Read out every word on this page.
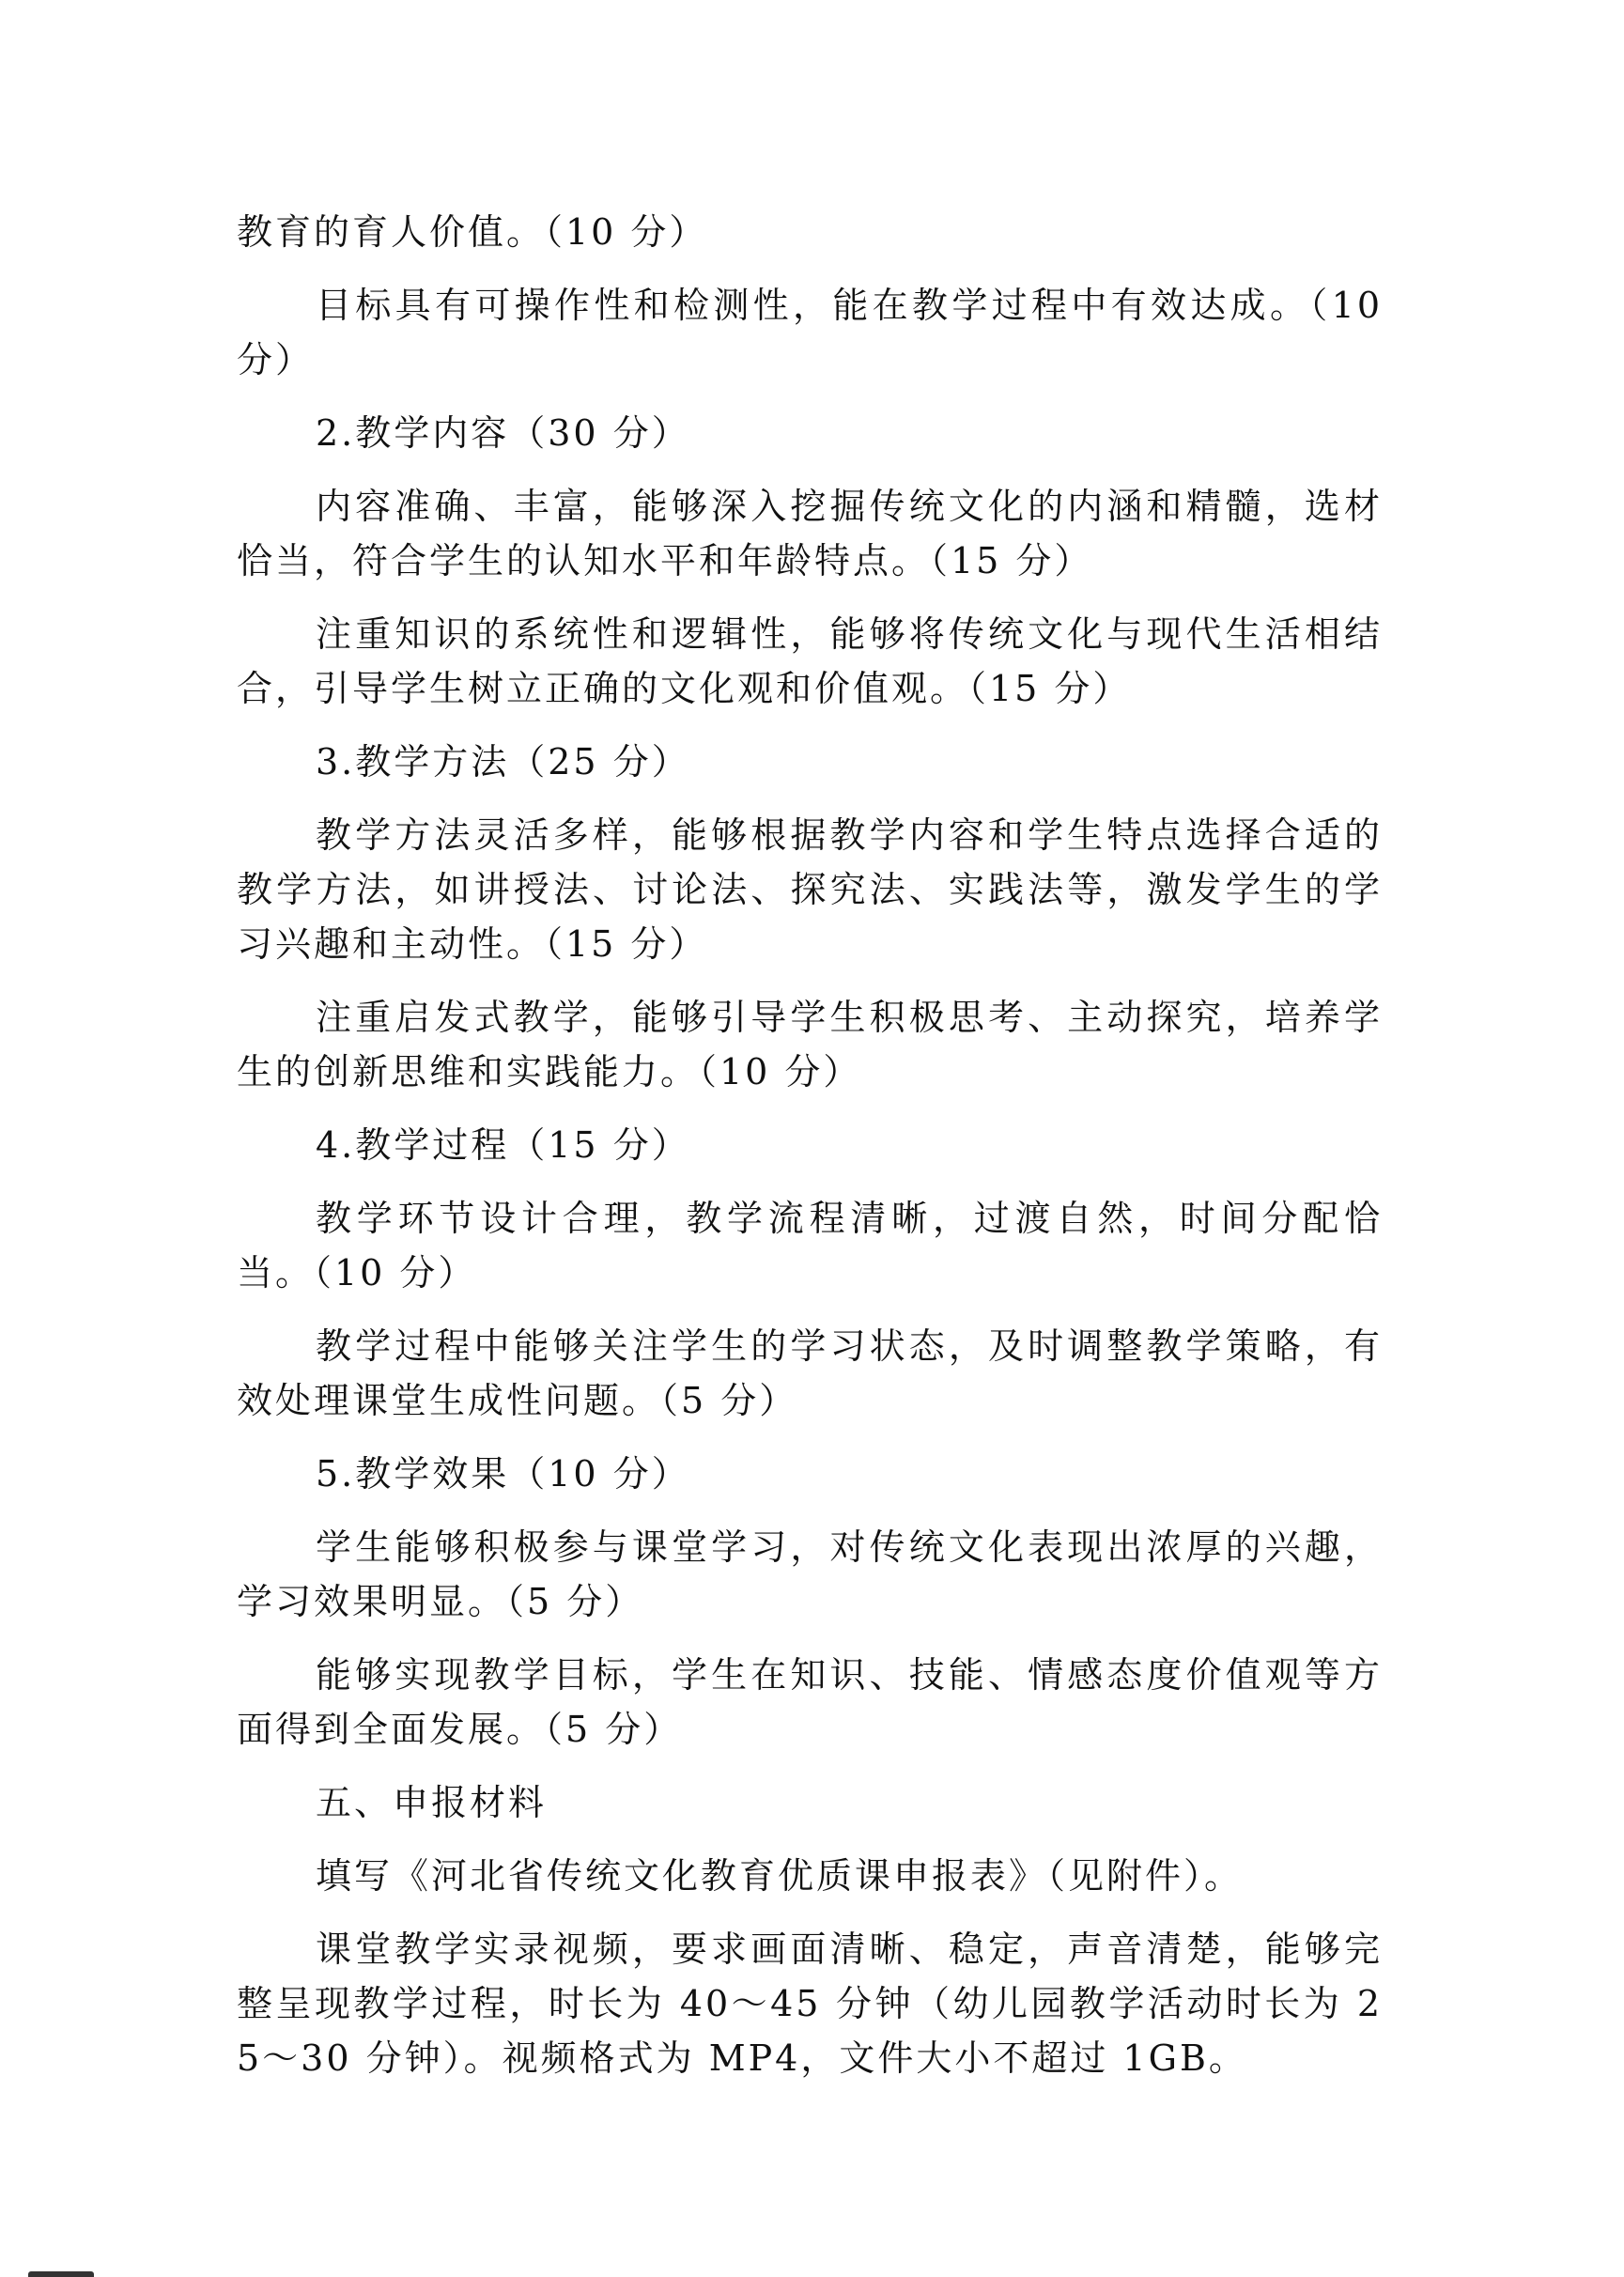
教育的育人价值。（10 分）

目标具有可操作性和检测性，能在教学过程中有效达成。（10 分）

2.教学内容（30 分）

内容准确、丰富，能够深入挖掘传统文化的内涵和精髓，选材恰当，符合学生的认知水平和年龄特点。（15 分）

注重知识的系统性和逻辑性，能够将传统文化与现代生活相结合，引导学生树立正确的文化观和价值观。（15 分）

3.教学方法（25 分）

教学方法灵活多样，能够根据教学内容和学生特点选择合适的教学方法，如讲授法、讨论法、探究法、实践法等，激发学生的学习兴趣和主动性。（15 分）

注重启发式教学，能够引导学生积极思考、主动探究，培养学生的创新思维和实践能力。（10 分）

4.教学过程（15 分）

教学环节设计合理，教学流程清晰，过渡自然，时间分配恰当。（10 分）

教学过程中能够关注学生的学习状态，及时调整教学策略，有效处理课堂生成性问题。（5 分）

5.教学效果（10 分）

学生能够积极参与课堂学习，对传统文化表现出浓厚的兴趣，学习效果明显。（5 分）

能够实现教学目标，学生在知识、技能、情感态度价值观等方面得到全面发展。（5 分）

五、申报材料

填写《河北省传统文化教育优质课申报表》（见附件）。

课堂教学实录视频，要求画面清晰、稳定，声音清楚，能够完整呈现教学过程，时长为 40～45 分钟（幼儿园教学活动时长为 25～30 分钟）。视频格式为 MP4，文件大小不超过 1GB。
